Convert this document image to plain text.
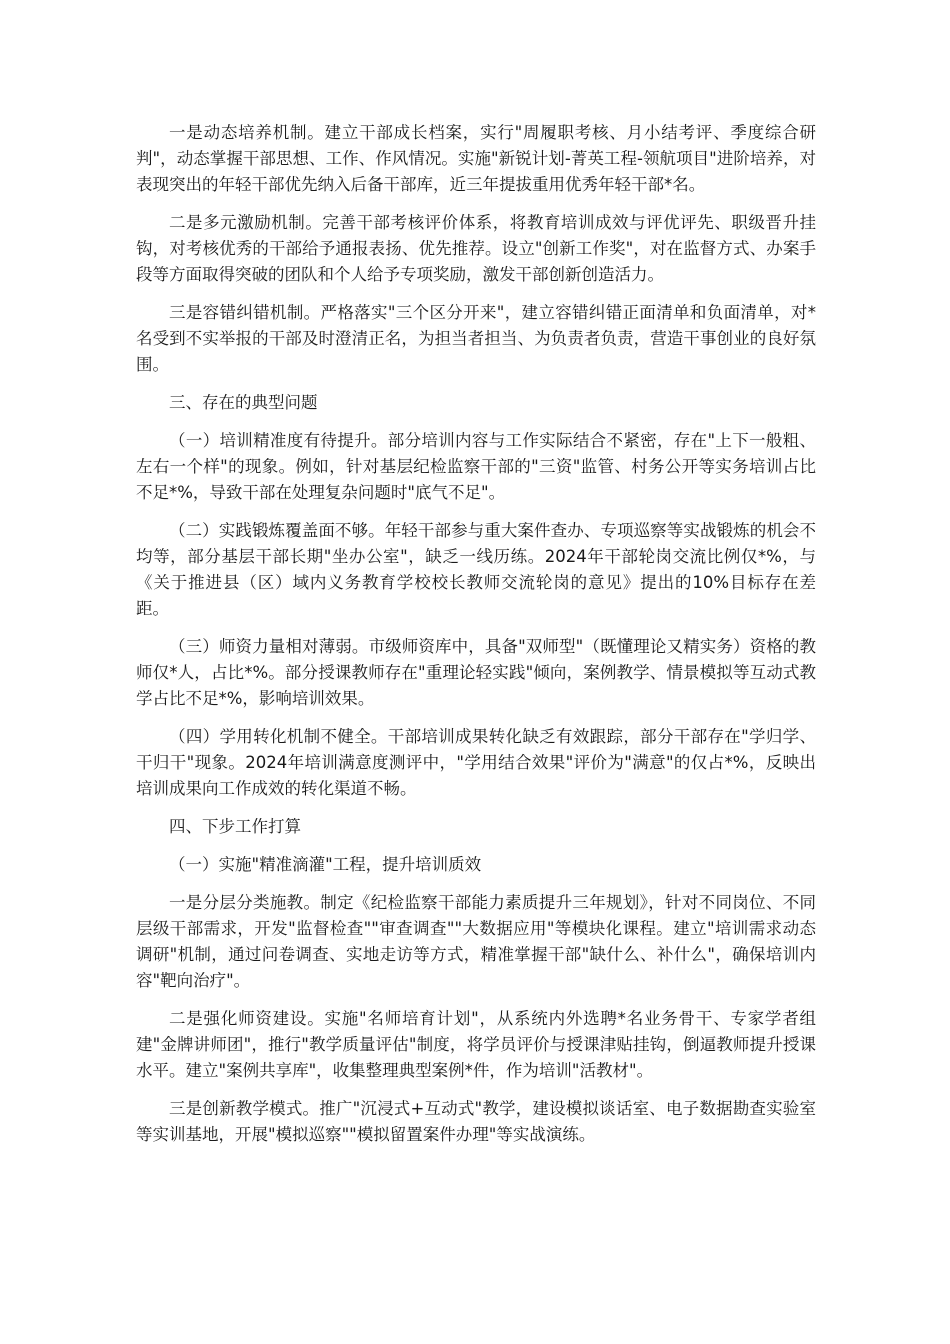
一是动态培养机制。建立干部成长档案，实行"周履职考核、月小结考评、季度综合研判"，动态掌握干部思想、工作、作风情况。实施"新锐计划-菁英工程-领航项目"进阶培养，对表现突出的年轻干部优先纳入后备干部库，近三年提拔重用优秀年轻干部*名。

二是多元激励机制。完善干部考核评价体系，将教育培训成效与评优评先、职级晋升挂钩，对考核优秀的干部给予通报表扬、优先推荐。设立"创新工作奖"，对在监督方式、办案手段等方面取得突破的团队和个人给予专项奖励，激发干部创新创造活力。

三是容错纠错机制。严格落实"三个区分开来"，建立容错纠错正面清单和负面清单，对*名受到不实举报的干部及时澄清正名，为担当者担当、为负责者负责，营造干事创业的良好氛围。

三、存在的典型问题

（一）培训精准度有待提升。部分培训内容与工作实际结合不紧密，存在"上下一般粗、左右一个样"的现象。例如，针对基层纪检监察干部的"三资"监管、村务公开等实务培训占比不足*%，导致干部在处理复杂问题时"底气不足"。

（二）实践锻炼覆盖面不够。年轻干部参与重大案件查办、专项巡察等实战锻炼的机会不均等，部分基层干部长期"坐办公室"，缺乏一线历练。2024年干部轮岗交流比例仅*%，与《关于推进县（区）域内义务教育学校校长教师交流轮岗的意见》提出的10%目标存在差距。

（三）师资力量相对薄弱。市级师资库中，具备"双师型"（既懂理论又精实务）资格的教师仅*人，占比*%。部分授课教师存在"重理论轻实践"倾向，案例教学、情景模拟等互动式教学占比不足*%，影响培训效果。

（四）学用转化机制不健全。干部培训成果转化缺乏有效跟踪，部分干部存在"学归学、干归干"现象。2024年培训满意度测评中，"学用结合效果"评价为"满意"的仅占*%，反映出培训成果向工作成效的转化渠道不畅。

四、下步工作打算

（一）实施"精准滴灌"工程，提升培训质效

一是分层分类施教。制定《纪检监察干部能力素质提升三年规划》，针对不同岗位、不同层级干部需求，开发"监督检查""审查调查""大数据应用"等模块化课程。建立"培训需求动态调研"机制，通过问卷调查、实地走访等方式，精准掌握干部"缺什么、补什么"，确保培训内容"靶向治疗"。

二是强化师资建设。实施"名师培育计划"，从系统内外选聘*名业务骨干、专家学者组建"金牌讲师团"，推行"教学质量评估"制度，将学员评价与授课津贴挂钩，倒逼教师提升授课水平。建立"案例共享库"，收集整理典型案例*件，作为培训"活教材"。

三是创新教学模式。推广"沉浸式+互动式"教学，建设模拟谈话室、电子数据勘查实验室等实训基地，开展"模拟巡察""模拟留置案件办理"等实战演练。
